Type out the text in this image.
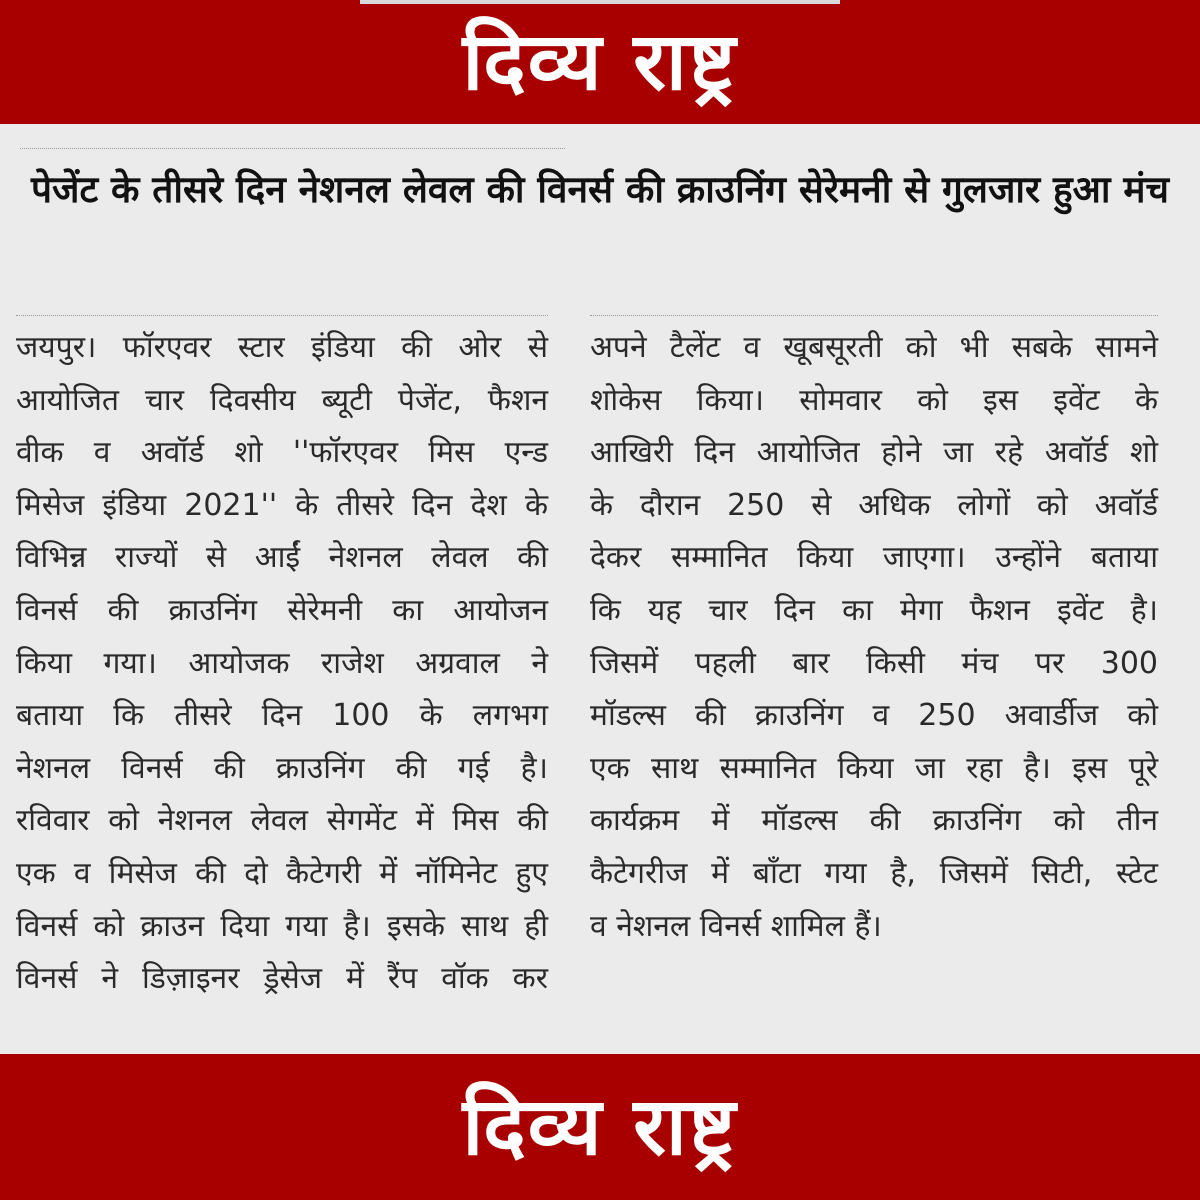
दिव्य राष्ट्र
पेजेंट के तीसरे दिन नेशनल लेवल की विनर्स की क्राउनिंग सेरेमनी से गुलजार हुआ मंच
जयपुर। फॉरएवर स्टार इंडिया की ओर से
आयोजित चार दिवसीय ब्यूटी पेजेंट, फैशन
वीक व अवॉर्ड शो ''फॉरएवर मिस एन्ड
मिसेज इंडिया 2021'' के तीसरे दिन देश के
विभिन्न राज्यों से आईं नेशनल लेवल की
विनर्स की क्राउनिंग सेरेमनी का आयोजन
किया गया। आयोजक राजेश अग्रवाल ने
बताया कि तीसरे दिन 100 के लगभग
नेशनल विनर्स की क्राउनिंग की गई है।
रविवार को नेशनल लेवल सेगमेंट में मिस की
एक व मिसेज की दो कैटेगरी में नॉमिनेट हुए
विनर्स को क्राउन दिया गया है। इसके साथ ही
विनर्स ने डिज़ाइनर ड्रेसेज में रैंप वॉक कर
अपने टैलेंट व खूबसूरती को भी सबके सामने
शोकेस किया। सोमवार को इस इवेंट के
आखिरी दिन आयोजित होने जा रहे अवॉर्ड शो
के दौरान 250 से अधिक लोगों को अवॉर्ड
देकर सम्मानित किया जाएगा। उन्होंने बताया
कि यह चार दिन का मेगा फैशन इवेंट है।
जिसमें पहली बार किसी मंच पर 300
मॉडल्स की क्राउनिंग व 250 अवार्डीज को
एक साथ सम्मानित किया जा रहा है। इस पूरे
कार्यक्रम में मॉडल्स की क्राउनिंग को तीन
कैटेगरीज में बाँटा गया है, जिसमें सिटी, स्टेट
व नेशनल विनर्स शामिल हैं।
दिव्य राष्ट्र
